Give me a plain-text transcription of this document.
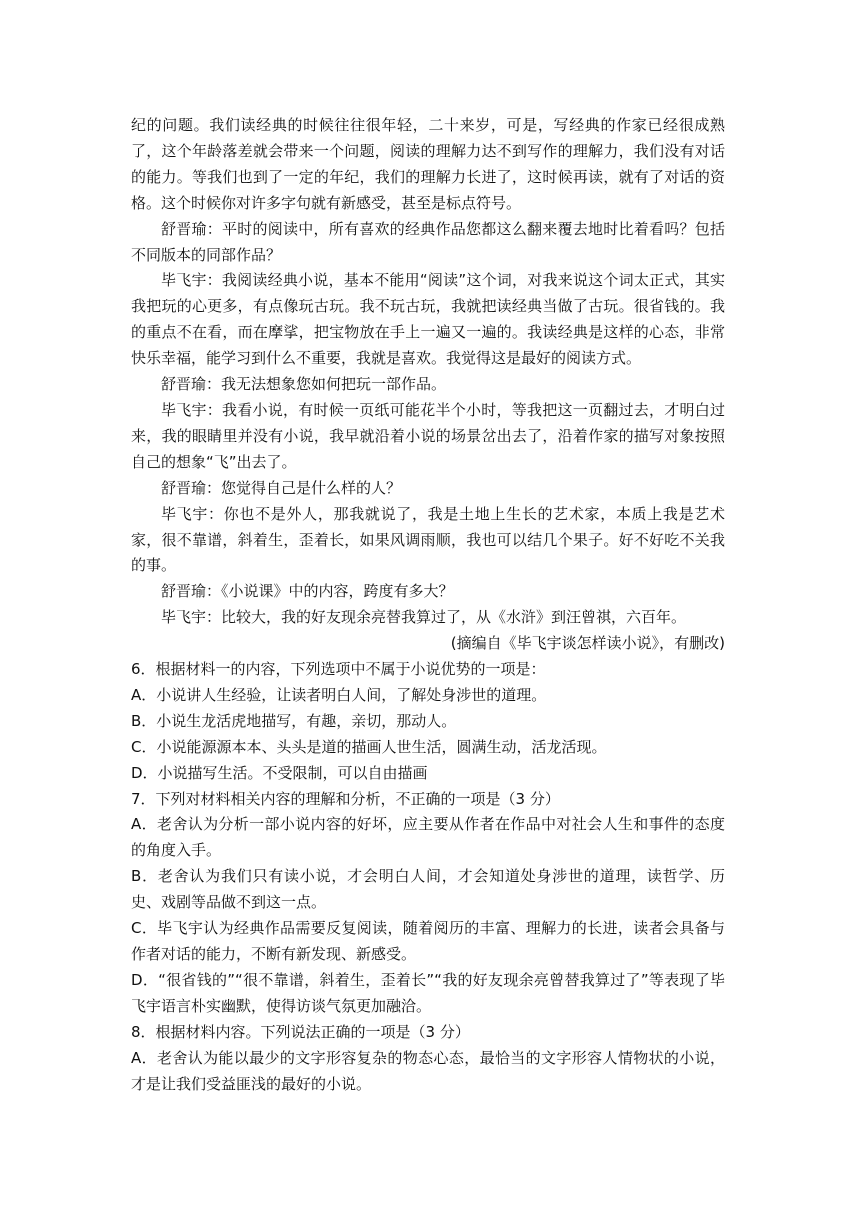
纪的问题。我们读经典的时候往往很年轻，二十来岁，可是，写经典的作家已经很成熟了，这个年龄落差就会带来一个问题，阅读的理解力达不到写作的理解力，我们没有对话的能力。等我们也到了一定的年纪，我们的理解力长进了，这时候再读，就有了对话的资格。这个时候你对许多字句就有新感受，甚至是标点符号。

舒晋瑜：平时的阅读中，所有喜欢的经典作品您都这么翻来覆去地时比着看吗？包括不同版本的同部作品？

毕飞宇：我阅读经典小说，基本不能用“阅读”这个词，对我来说这个词太正式，其实我把玩的心更多，有点像玩古玩。我不玩古玩，我就把读经典当做了古玩。很省钱的。我的重点不在看，而在摩挲，把宝物放在手上一遍又一遍的。我读经典是这样的心态，非常快乐幸福，能学习到什么不重要，我就是喜欢。我觉得这是最好的阅读方式。

舒晋瑜：我无法想象您如何把玩一部作品。

毕飞宇：我看小说，有时候一页纸可能花半个小时，等我把这一页翻过去，才明白过来，我的眼睛里并没有小说，我早就沿着小说的场景岔出去了，沿着作家的描写对象按照自己的想象“飞”出去了。

舒晋瑜：您觉得自己是什么样的人？

毕飞宇：你也不是外人，那我就说了，我是土地上生长的艺术家，本质上我是艺术家，很不靠谱，斜着生，歪着长，如果风调雨顺，我也可以结几个果子。好不好吃不关我的事。

舒晋瑜：《小说课》中的内容，跨度有多大？

毕飞宇：比较大，我的好友现余亮替我算过了，从《水浒》到汪曾祺，六百年。

(摘编自《毕飞宇谈怎样读小说》，有删改)

6．根据材料一的内容，下列选项中不属于小说优势的一项是：

A．小说讲人生经验，让读者明白人间，了解处身涉世的道理。

B．小说生龙活虎地描写，有趣，亲切，那动人。

C．小说能源源本本、头头是道的描画人世生活，圆满生动，活龙活现。

D．小说描写生活。不受限制，可以自由描画

7．下列对材料相关内容的理解和分析，不正确的一项是（3 分）

A．老舍认为分析一部小说内容的好坏，应主要从作者在作品中对社会人生和事件的态度的角度入手。

B．老舍认为我们只有读小说，才会明白人间，才会知道处身涉世的道理，读哲学、历史、戏剧等品做不到这一点。

C．毕飞宇认为经典作品需要反复阅读，随着阅历的丰富、理解力的长进，读者会具备与作者对话的能力，不断有新发现、新感受。

D．“很省钱的”“很不靠谱，斜着生，歪着长”“我的好友现余亮曾替我算过了”等表现了毕飞宇语言朴实幽默，使得访谈气氛更加融洽。

8．根据材料内容。下列说法正确的一项是（3 分）

A．老舍认为能以最少的文字形容复杂的物态心态，最恰当的文字形容人情物状的小说，才是让我们受益匪浅的最好的小说。
